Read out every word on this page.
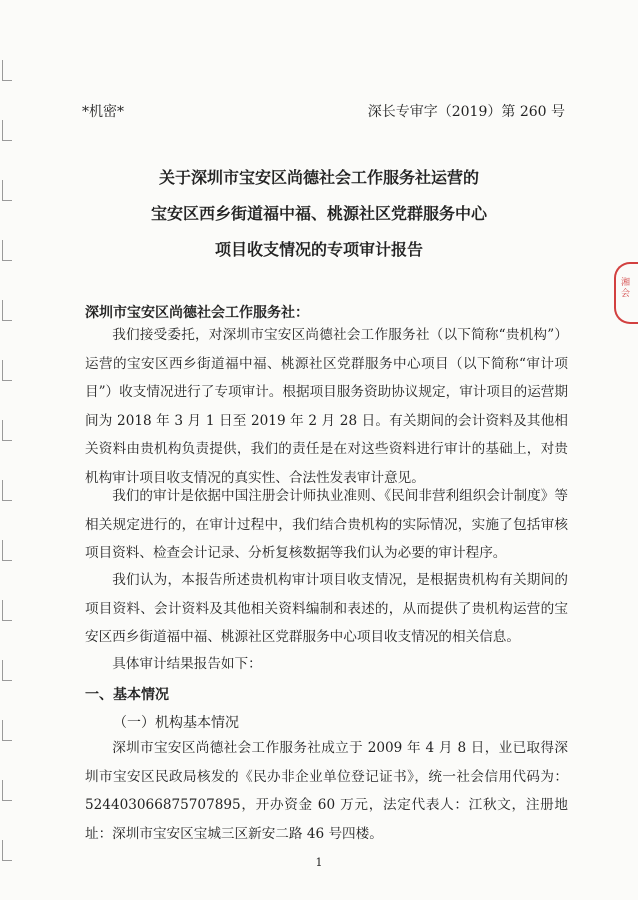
*机密*	深长专审字（2019）第 260 号
关于深圳市宝安区尚德社会工作服务社运营的
宝安区西乡街道福中福、桃源社区党群服务中心
项目收支情况的专项审计报告
湘 会
深圳市宝安区尚德社会工作服务社：

我们接受委托，对深圳市宝安区尚德社会工作服务社（以下简称“贵机构”）运营的宝安区西乡街道福中福、桃源社区党群服务中心项目（以下简称“审计项目”）收支情况进行了专项审计。根据项目服务资助协议规定，审计项目的运营期间为 2018 年 3 月 1 日至 2019 年 2 月 28 日。有关期间的会计资料及其他相关资料由贵机构负责提供，我们的责任是在对这些资料进行审计的基础上，对贵机构审计项目收支情况的真实性、合法性发表审计意见。

我们的审计是依据中国注册会计师执业准则、《民间非营利组织会计制度》等相关规定进行的，在审计过程中，我们结合贵机构的实际情况，实施了包括审核项目资料、检查会计记录、分析复核数据等我们认为必要的审计程序。

我们认为，本报告所述贵机构审计项目收支情况，是根据贵机构有关期间的项目资料、会计资料及其他相关资料编制和表述的，从而提供了贵机构运营的宝安区西乡街道福中福、桃源社区党群服务中心项目收支情况的相关信息。

具体审计结果报告如下：

一、基本情况
（一）机构基本情况

深圳市宝安区尚德社会工作服务社成立于 2009 年 4 月 8 日，业已取得深圳市宝安区民政局核发的《民办非企业单位登记证书》，统一社会信用代码为：524403066875707895，开办资金 60 万元，法定代表人：江秋文，注册地址：深圳市宝安区宝城三区新安二路 46 号四楼。

1
